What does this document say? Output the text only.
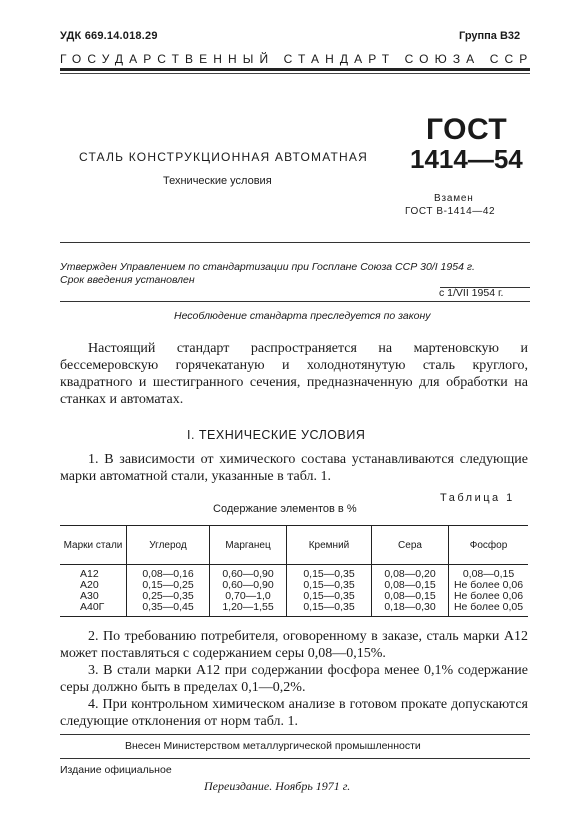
УДК 669.14.018.29	Группа В32
ГОСУДАРСТВЕННЫЙ СТАНДАРТ СОЮЗА ССР
СТАЛЬ КОНСТРУКЦИОННАЯ АВТОМАТНАЯ
Технические условия
ГОСТ
1414—54
Взамен
ГОСТ В-1414—42
Утвержден Управлением по стандартизации при Госплане Союза ССР 30/I 1954 г.
Срок введения установлен
с 1/VII 1954 г.
Несоблюдение стандарта преследуется по закону
Настоящий стандарт распространяется на мартеновскую и бессемеровскую горячекатаную и холоднотянутую сталь круглого, квадратного и шестигранного сечения, предназначенную для обработки на станках и автоматах.
I. ТЕХНИЧЕСКИЕ УСЛОВИЯ
1. В зависимости от химического состава устанавливаются следующие марки автоматной стали, указанные в табл. 1.
Таблица 1
Содержание элементов в %
Марки стали	Углерод	Марганец	Кремний	Сера	Фосфор
А12	0,08—0,16	0,60—0,90	0,15—0,35	0,08—0,20	0,08—0,15
А20	0,15—0,25	0,60—0,90	0,15—0,35	0,08—0,15	Не более 0,06
А30	0,25—0,35	0,70—1,0	0,15—0,35	0,08—0,15	Не более 0,06
А40Г	0,35—0,45	1,20—1,55	0,15—0,35	0,18—0,30	Не более 0,05
2. По требованию потребителя, оговоренному в заказе, сталь марки А12 может поставляться с содержанием серы 0,08—0,15%.
3. В стали марки А12 при содержании фосфора менее 0,1% содержание серы должно быть в пределах 0,1—0,2%.
4. При контрольном химическом анализе в готовом прокате допускаются следующие отклонения от норм табл. 1.
Внесен Министерством металлургической промышленности
Издание официальное
Переиздание. Ноябрь 1971 г.
